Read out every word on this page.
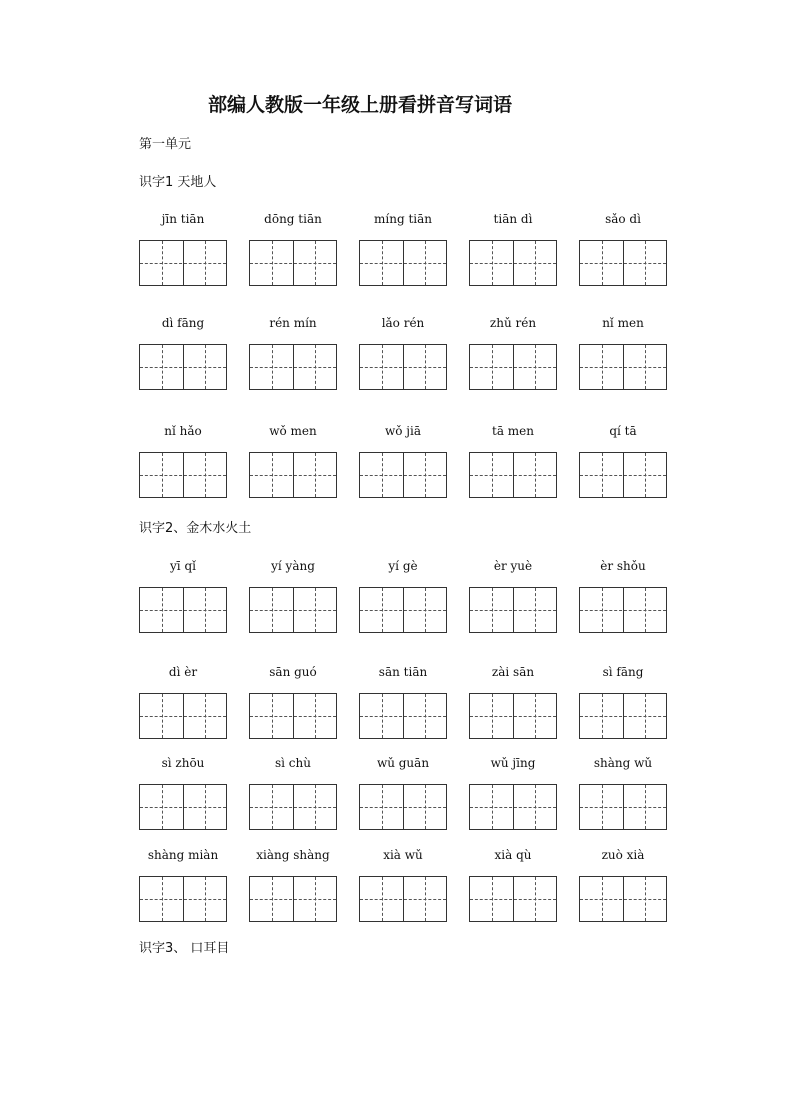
部编人教版一年级上册看拼音写词语
第一单元
识字1 天地人
识字2、金木水火土
识字3、 口耳目
jīn tiān	dōng tiān	míng tiān	tiān dì	sǎo dì
dì fāng	rén mín	lǎo rén	zhǔ rén	nǐ men
nǐ hǎo	wǒ men	wǒ jiā	tā men	qí tā
yī qǐ	yí yàng	yí gè	èr yuè	èr shǒu
dì èr	sān guó	sān tiān	zài sān	sì fāng
sì zhōu	sì chù	wǔ guān	wǔ jīng	shàng wǔ
shàng miàn	xiàng shàng	xià wǔ	xià qù	zuò xià
